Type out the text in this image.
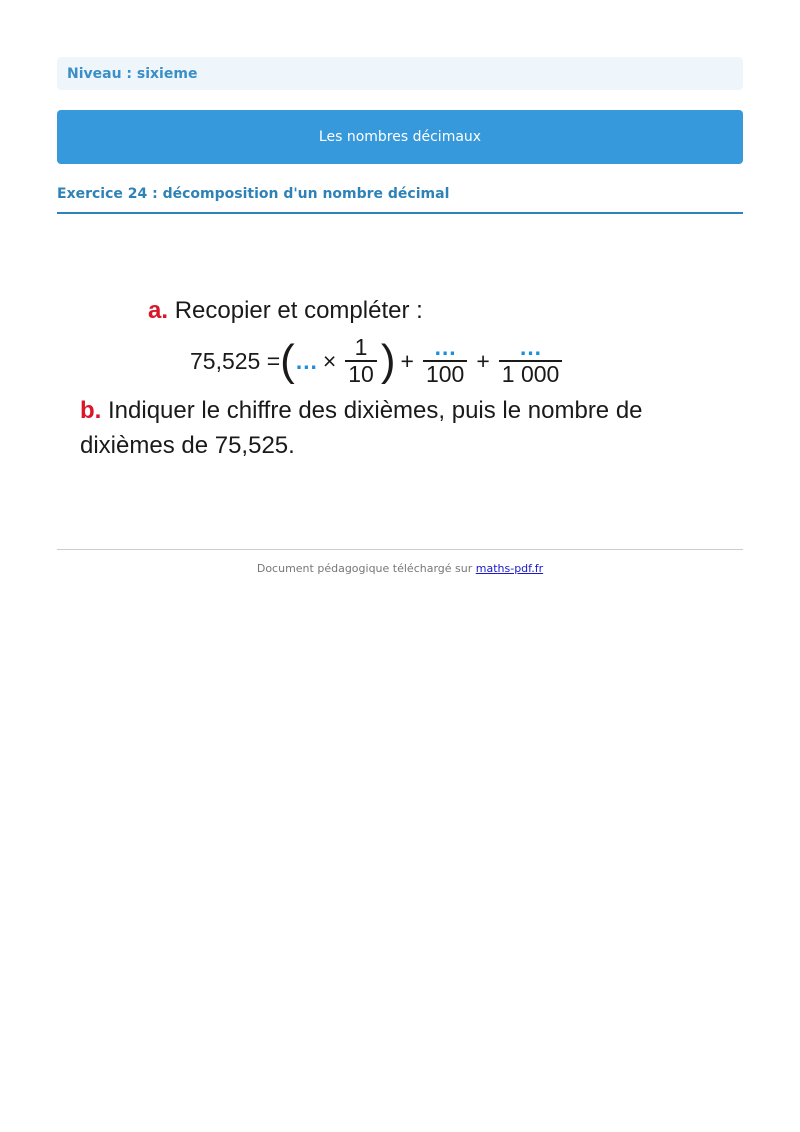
Niveau : sixieme
Les nombres décimaux
Exercice 24 : décomposition d'un nombre décimal
a. Recopier et compléter :
75,525 = ( … × $\frac{1}{10}$ ) + $\frac{\dots}{100} + \frac{\dots}{1 000}$
b. Indiquer le chiffre des dixièmes, puis le nombre de dixièmes de 75,525.
Document pédagogique téléchargé sur maths-pdf.fr
